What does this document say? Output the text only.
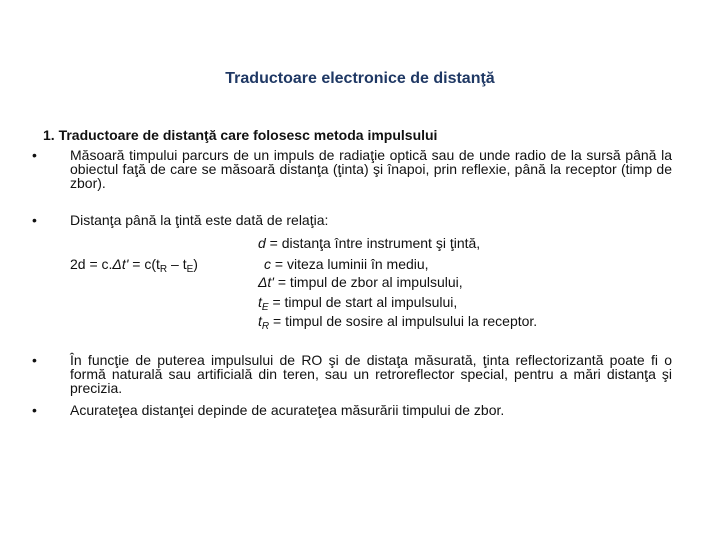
Traductoare electronice de distanţă
1. Traductoare de distanţă care folosesc metoda impulsului
• Măsoară timpului parcurs de un impuls de radiaţie optică sau de unde radio de la sursă până la obiectul faţă de care se măsoară distanţa (ţinta) şi înapoi, prin reflexie, până la receptor (timp de zbor).
• Distanţa până la ţintă este dată de relaţia:
$2d = c.\Delta t' = c(t_R - t_E)$
d = distanţa între instrument şi ţintă,
c = viteza luminii în mediu,
Δt' = timpul de zbor al impulsului,
$t_E$ = timpul de start al impulsului,
$t_R$ = timpul de sosire al impulsului la receptor.
• În funcţie de puterea impulsului de RO şi de distaţa măsurată, ţinta reflectorizantă poate fi o formă naturală sau artificială din teren, sau un retroreflector special, pentru a mări distanţa şi precizia.
• Acurateţea distanţei depinde de acurateţea măsurării timpului de zbor.
